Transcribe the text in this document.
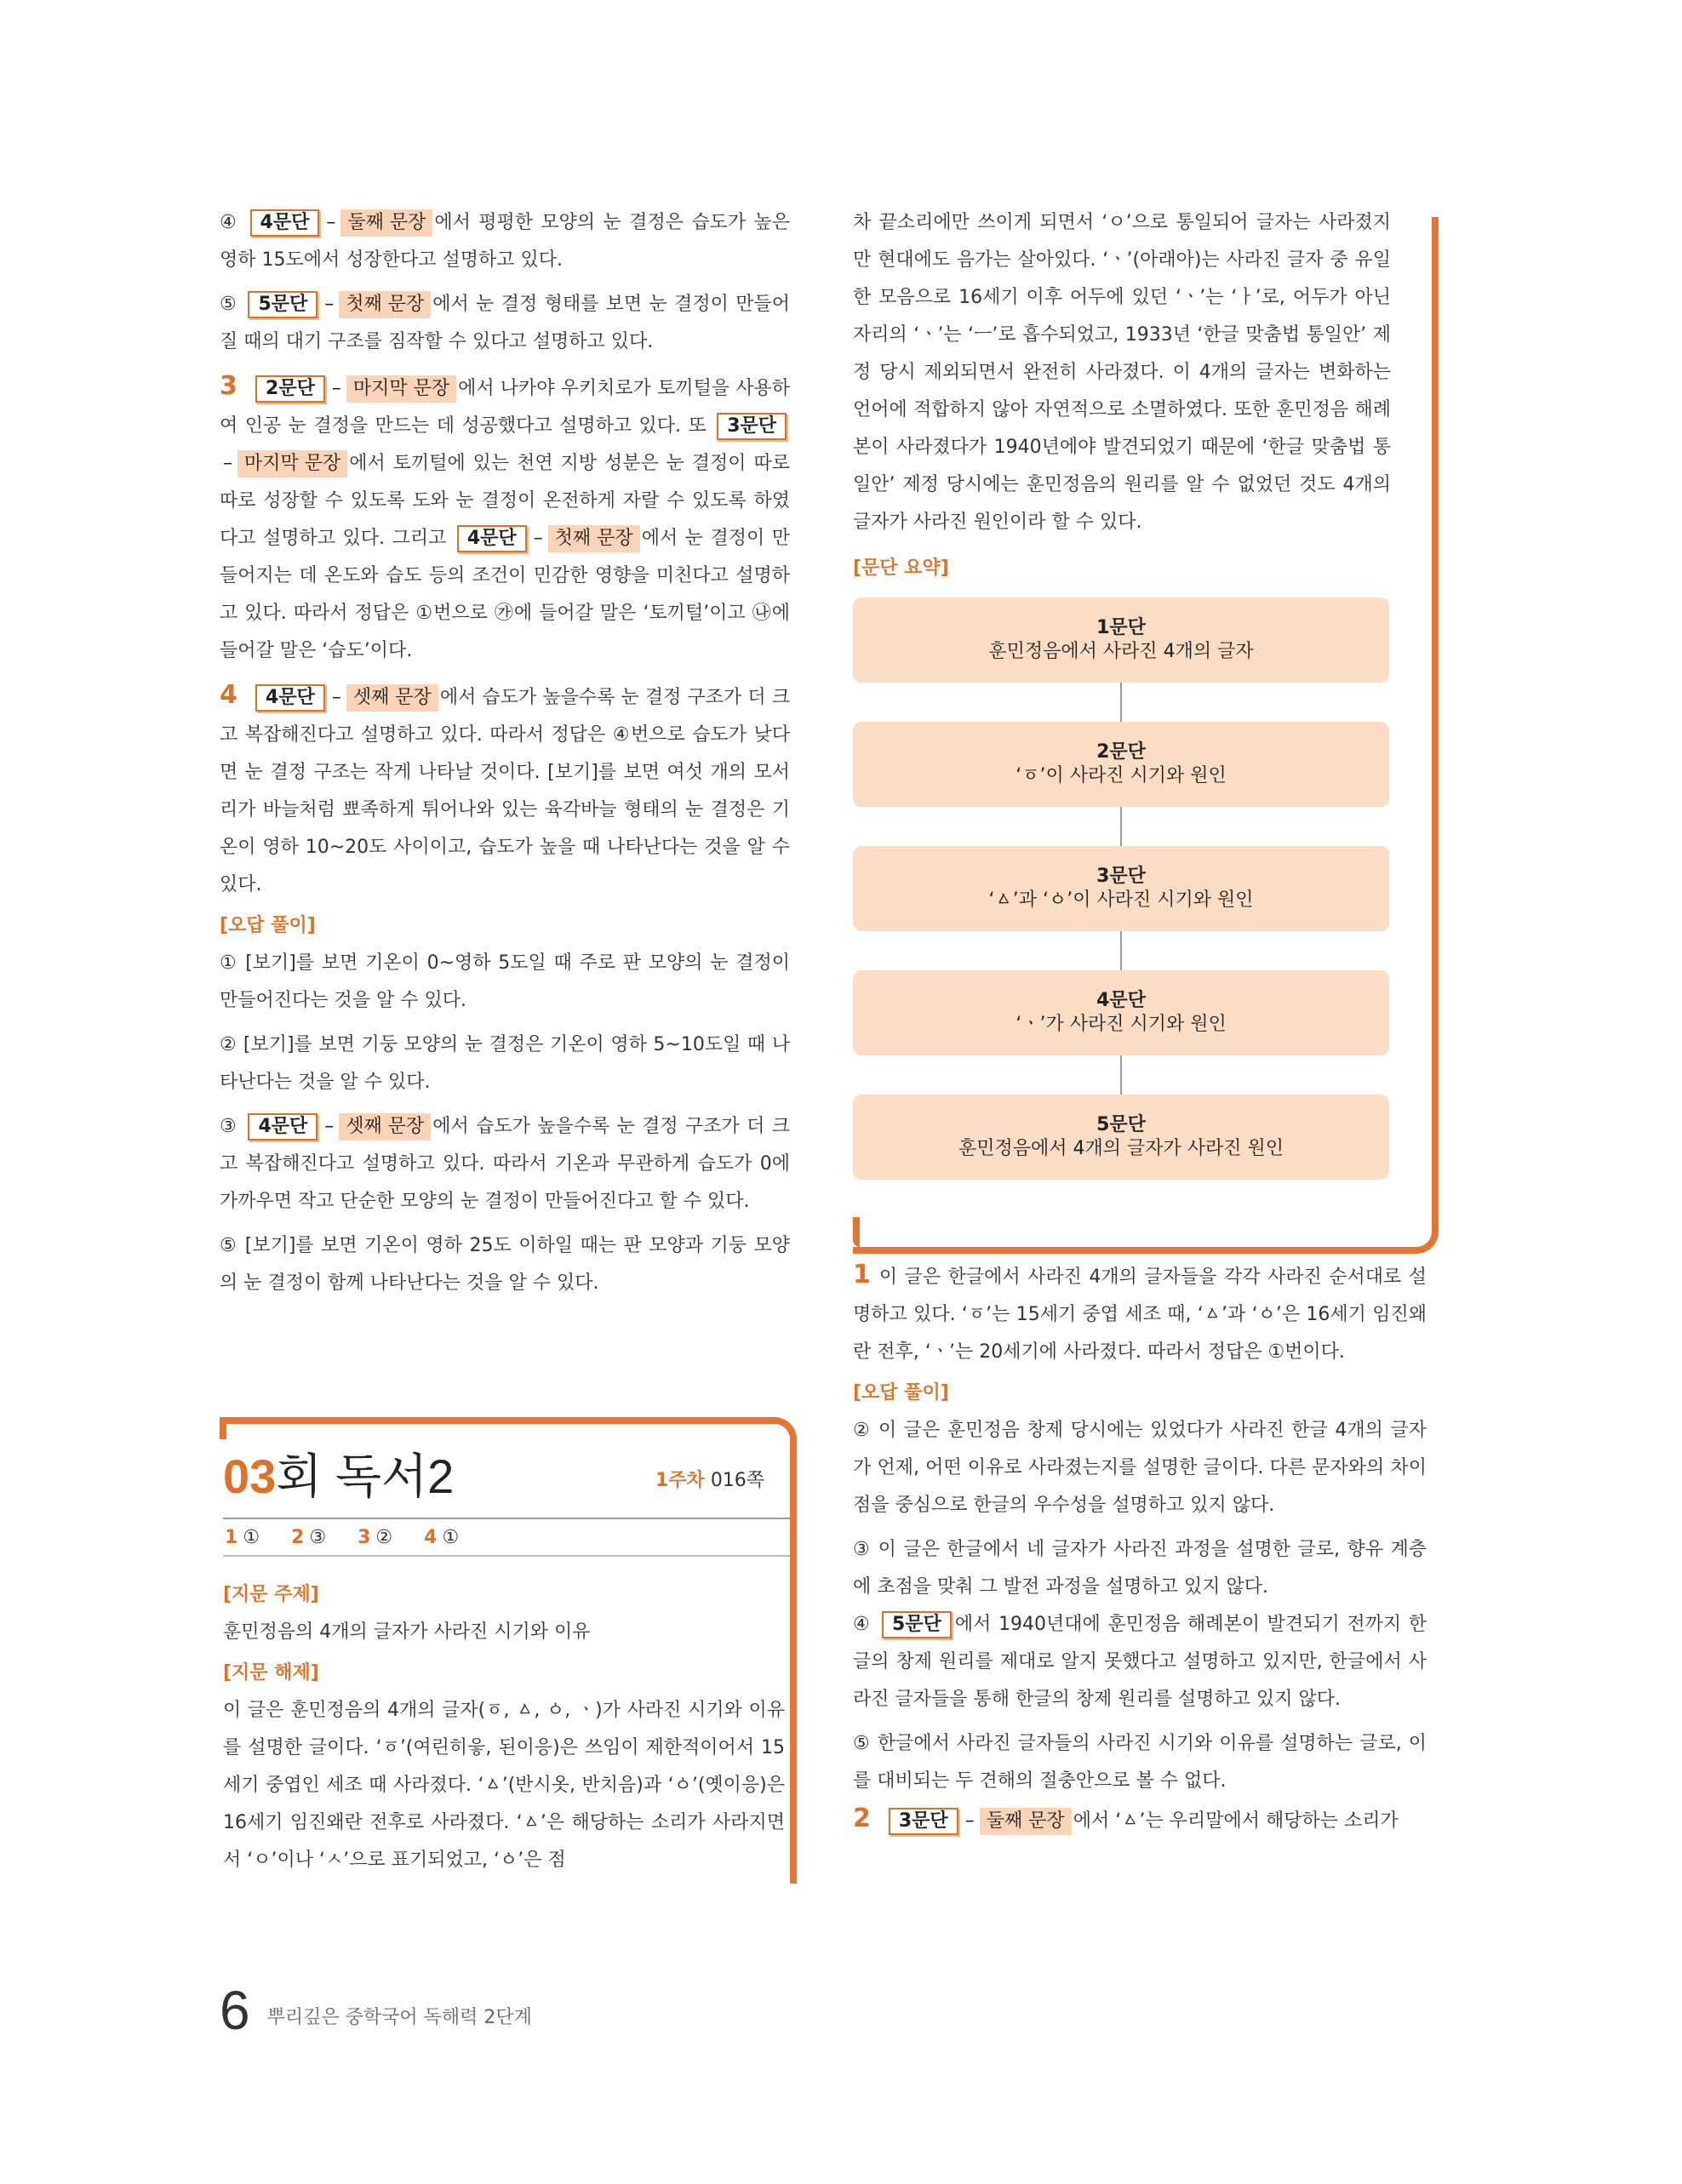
④ 4문단 – 둘째 문장 에서 평평한 모양의 눈 결정은 습도가 높은 영하 15도에서 성장한다고 설명하고 있다.

⑤ 5문단 – 첫째 문장 에서 눈 결정 형태를 보면 눈 결정이 만들어질 때의 대기 구조를 짐작할 수 있다고 설명하고 있다.

3 2문단 – 마지막 문장 에서 나카야 우키치로가 토끼털을 사용하여 인공 눈 결정을 만드는 데 성공했다고 설명하고 있다. 또 3문단– 마지막 문장 에서 토끼털에 있는 천연 지방 성분은 눈 결정이 따로따로 성장할 수 있도록 도와 눈 결정이 온전하게 자랄 수 있도록 하였다고 설명하고 있다. 그리고 4문단 – 첫째 문장 에서 눈 결정이 만들어지는 데 온도와 습도 등의 조건이 민감한 영향을 미친다고 설명하고 있다. 따라서 정답은 ①번으로 ㉮에 들어갈 말은 ‘토끼털’이고 ㉯에 들어갈 말은 ‘습도’이다.

4 4문단 – 셋째 문장 에서 습도가 높을수록 눈 결정 구조가 더 크고 복잡해진다고 설명하고 있다. 따라서 정답은 ④번으로 습도가 낮다면 눈 결정 구조는 작게 나타날 것이다. [보기]를 보면 여섯 개의 모서리가 바늘처럼 뾰족하게 튀어나와 있는 육각바늘 형태의 눈 결정은 기온이 영하 10~20도 사이이고, 습도가 높을 때 나타난다는 것을 알 수 있다.

[오답 풀이]

① [보기]를 보면 기온이 0~영하 5도일 때 주로 판 모양의 눈 결정이 만들어진다는 것을 알 수 있다.

② [보기]를 보면 기둥 모양의 눈 결정은 기온이 영하 5~10도일 때 나타난다는 것을 알 수 있다.

③ 4문단 – 셋째 문장 에서 습도가 높을수록 눈 결정 구조가 더 크고 복잡해진다고 설명하고 있다. 따라서 기온과 무관하게 습도가 0에 가까우면 작고 단순한 모양의 눈 결정이 만들어진다고 할 수 있다.

⑤ [보기]를 보면 기온이 영하 25도 이하일 때는 판 모양과 기둥 모양의 눈 결정이 함께 나타난다는 것을 알 수 있다.

03회 독서2	1주차 016쪽
1 ① 2 ③ 3 ② 4 ①

[지문 주제]

훈민정음의 4개의 글자가 사라진 시기와 이유

[지문 해제]

이 글은 훈민정음의 4개의 글자(ㆆ, ㅿ, ㆁ, ㆍ)가 사라진 시기와 이유를 설명한 글이다. ‘ㆆ’(여린히읗, 된이응)은 쓰임이 제한적이어서 15세기 중엽인 세조 때 사라졌다. ‘ㅿ’(반시옷, 반치음)과 ‘ㆁ’(옛이응)은 16세기 임진왜란 전후로 사라졌다. ‘ㅿ’은 해당하는 소리가 사라지면서 ‘ㅇ’이나 ‘ㅅ’으로 표기되었고, ‘ㆁ’은 점

차 끝소리에만 쓰이게 되면서 ‘ㅇ’으로 통일되어 글자는 사라졌지만 현대에도 음가는 살아있다. ‘ㆍ’(아래아)는 사라진 글자 중 유일한 모음으로 16세기 이후 어두에 있던 ‘ㆍ’는 ‘ㅏ’로, 어두가 아닌 자리의 ‘ㆍ’는 ‘ㅡ’로 흡수되었고, 1933년 ‘한글 맞춤법 통일안’ 제정 당시 제외되면서 완전히 사라졌다. 이 4개의 글자는 변화하는 언어에 적합하지 않아 자연적으로 소멸하였다. 또한 훈민정음 해례본이 사라졌다가 1940년에야 발견되었기 때문에 ‘한글 맞춤법 통일안’ 제정 당시에는 훈민정음의 원리를 알 수 없었던 것도 4개의 글자가 사라진 원인이라 할 수 있다.

[문단 요약]

1문단
훈민정음에서 사라진 4개의 글자
2문단
‘ㆆ’이 사라진 시기와 원인
3문단
‘ㅿ’과 ‘ㆁ’이 사라진 시기와 원인
4문단
‘ㆍ’가 사라진 시기와 원인
5문단
훈민정음에서 4개의 글자가 사라진 원인

1 이 글은 한글에서 사라진 4개의 글자들을 각각 사라진 순서대로 설명하고 있다. ‘ㆆ’는 15세기 중엽 세조 때, ‘ㅿ’과 ‘ㆁ’은 16세기 임진왜란 전후, ‘ㆍ’는 20세기에 사라졌다. 따라서 정답은 ①번이다.

[오답 풀이]

② 이 글은 훈민정음 창제 당시에는 있었다가 사라진 한글 4개의 글자가 언제, 어떤 이유로 사라졌는지를 설명한 글이다. 다른 문자와의 차이점을 중심으로 한글의 우수성을 설명하고 있지 않다.

③ 이 글은 한글에서 네 글자가 사라진 과정을 설명한 글로, 향유 계층에 초점을 맞춰 그 발전 과정을 설명하고 있지 않다.

④ 5문단 에서 1940년대에 훈민정음 해례본이 발견되기 전까지 한글의 창제 원리를 제대로 알지 못했다고 설명하고 있지만, 한글에서 사라진 글자들을 통해 한글의 창제 원리를 설명하고 있지 않다.

⑤ 한글에서 사라진 글자들의 사라진 시기와 이유를 설명하는 글로, 이를 대비되는 두 견해의 절충안으로 볼 수 없다.

2 3문단 – 둘째 문장 에서 ‘ㅿ’는 우리말에서 해당하는 소리가

6 뿌리깊은 중학국어 독해력 2단계
